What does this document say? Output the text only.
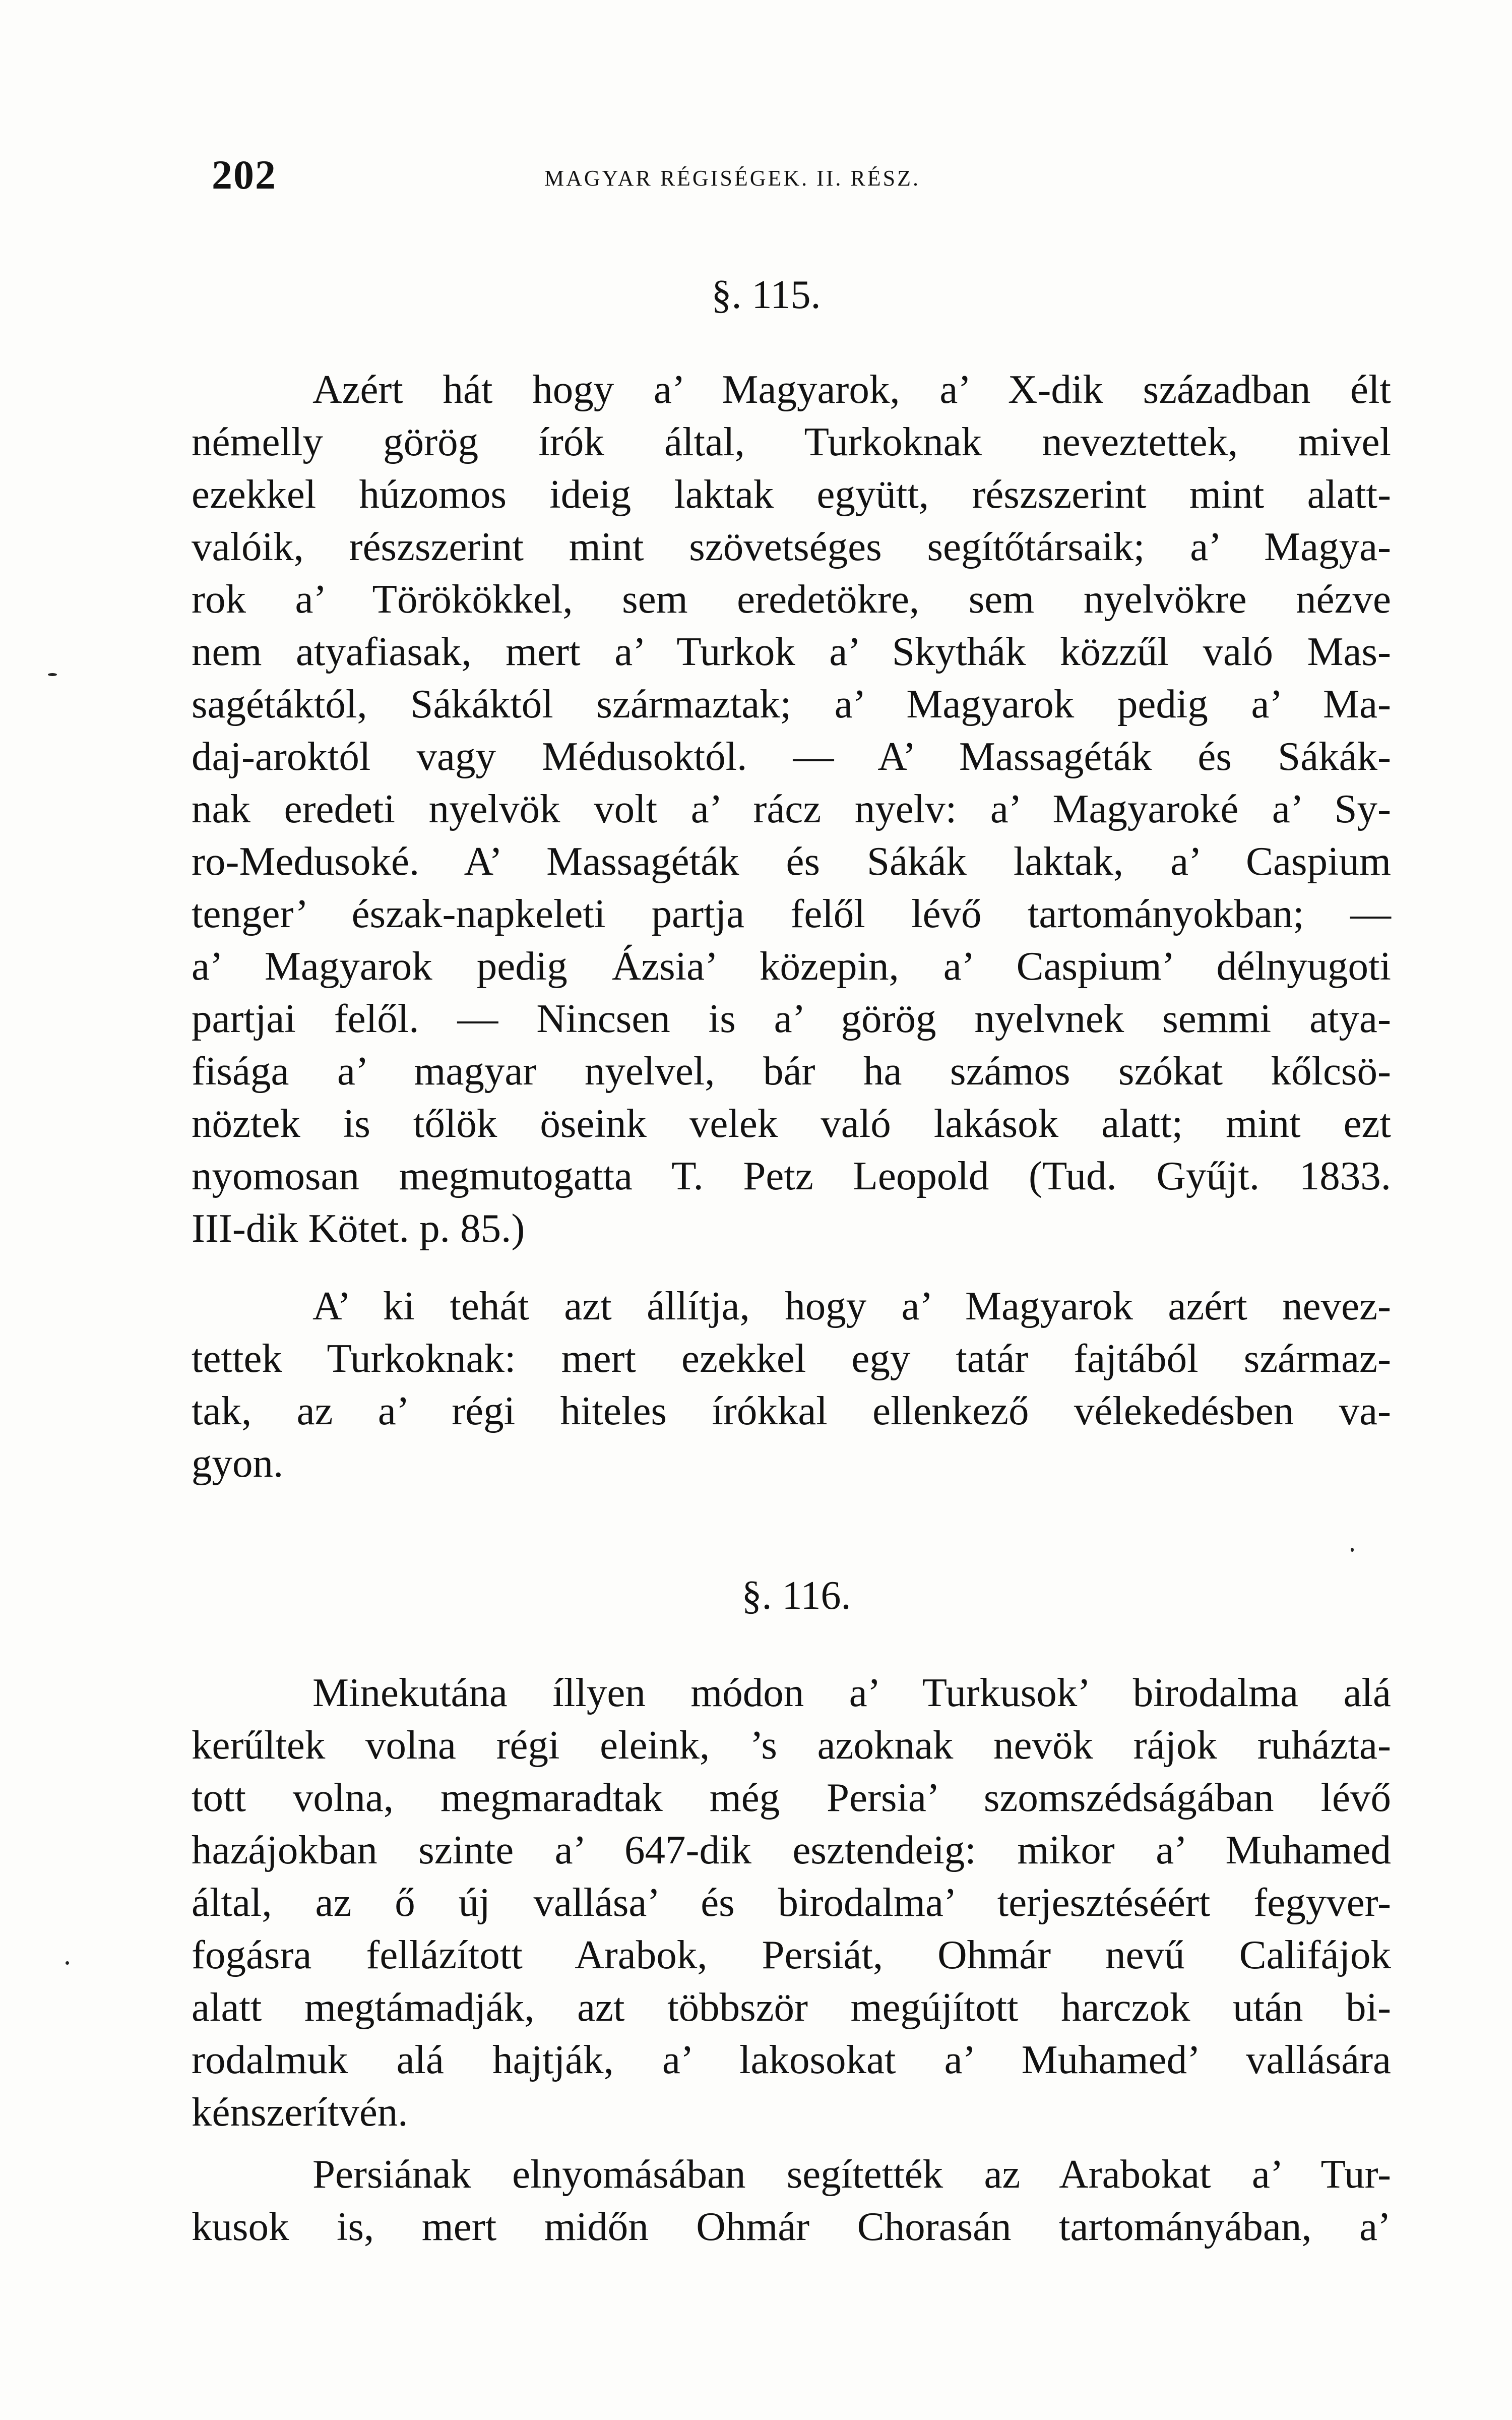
202	MAGYAR RÉGISÉGEK. II. RÉSZ.
§. 115.
Azért hát hogy a’ Magyarok, a’ X-dik században élt
némelly görög írók által, Turkoknak neveztettek, mivel
ezekkel húzomos ideig laktak együtt, részszerint mint alatt-
valóik, részszerint mint szövetséges segítőtársaik; a’ Magya-
rok a’ Törökökkel, sem eredetökre, sem nyelvökre nézve
nem atyafiasak, mert a’ Turkok a’ Skythák közzűl való Mas-
sagétáktól, Sákáktól származtak; a’ Magyarok pedig a’ Ma-
daj-aroktól vagy Médusoktól. — A’ Massagéták és Sákák-
nak eredeti nyelvök volt a’ rácz nyelv: a’ Magyaroké a’ Sy-
ro-Medusoké. A’ Massagéták és Sákák laktak, a’ Caspium
tenger’ észak-napkeleti partja felől lévő tartományokban; —
a’ Magyarok pedig Ázsia’ közepin, a’ Caspium’ délnyugoti
partjai felől. — Nincsen is a’ görög nyelvnek semmi atya-
fisága a’ magyar nyelvel, bár ha számos szókat kőlcsö-
nöztek is tőlök öseink velek való lakások alatt; mint ezt
nyomosan megmutogatta T. Petz Leopold (Tud. Gyűjt. 1833.
III-dik Kötet. p. 85.)
A’ ki tehát azt állítja, hogy a’ Magyarok azért nevez-
tettek Turkoknak: mert ezekkel egy tatár fajtából származ-
tak, az a’ régi hiteles írókkal ellenkező vélekedésben va-
gyon.
§. 116.
Minekutána íllyen módon a’ Turkusok’ birodalma alá
kerűltek volna régi eleink, ’s azoknak nevök rájok ruházta-
tott volna, megmaradtak még Persia’ szomszédságában lévő
hazájokban szinte a’ 647-dik esztendeig: mikor a’ Muhamed
által, az ő új vallása’ és birodalma’ terjesztéséért fegyver-
fogásra fellázított Arabok, Persiát, Ohmár nevű Califájok
alatt megtámadják, azt többször megújított harczok után bi-
rodalmuk alá hajtják, a’ lakosokat a’ Muhamed’ vallására
kénszerítvén.
Persiának elnyomásában segítették az Arabokat a’ Tur-
kusok is, mert midőn Ohmár Chorasán tartományában, a’
